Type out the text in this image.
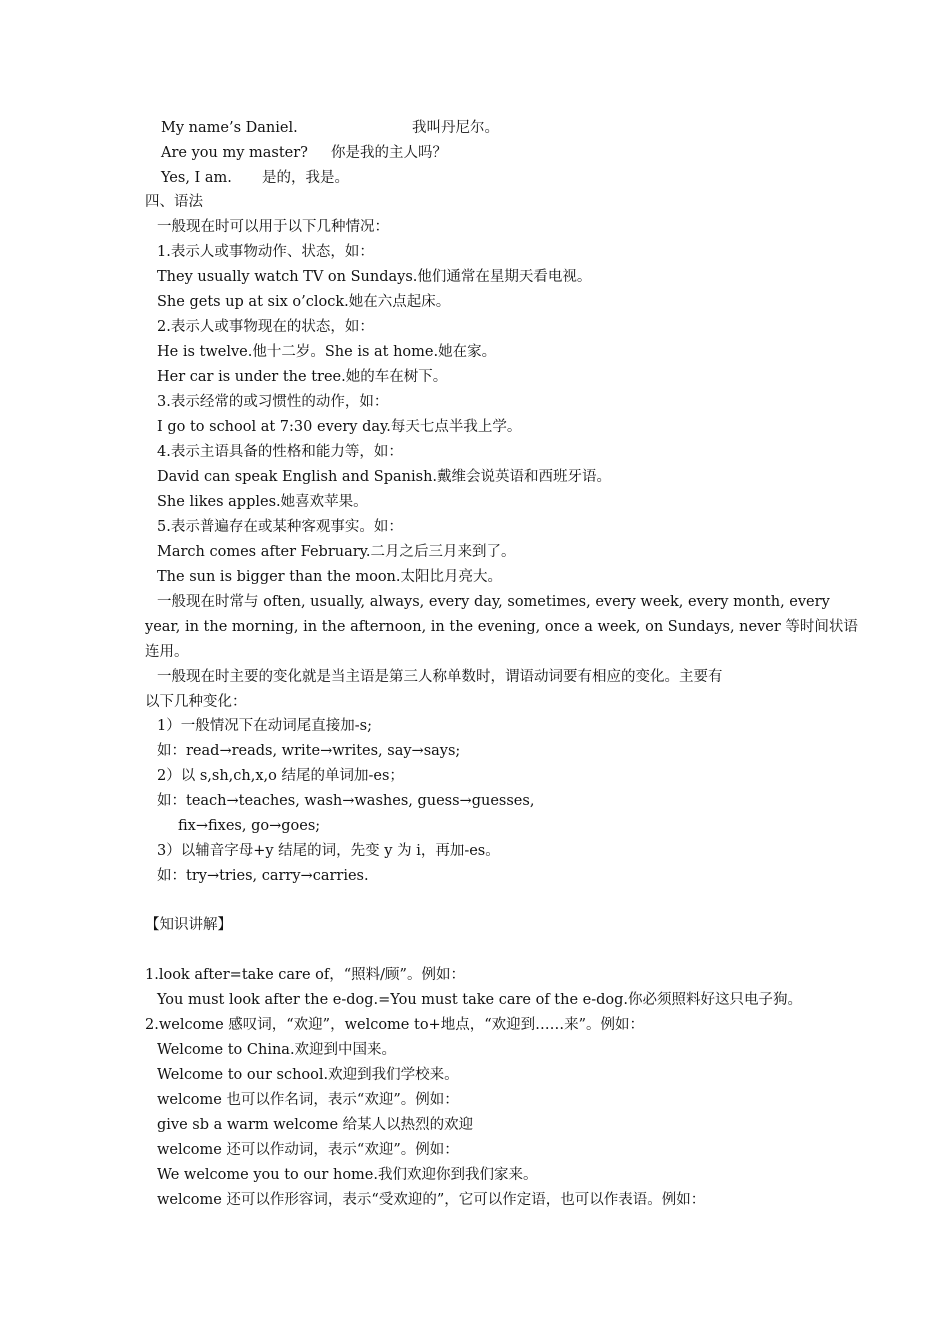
My name’s Daniel.	我叫丹尼尔。
Are you my master? 你是我的主人吗？
Yes, I am. 是的，我是。
四、语法
一般现在时可以用于以下几种情况：
1.表示人或事物动作、状态，如：
They usually watch TV on Sundays.他们通常在星期天看电视。
She gets up at six o’clock.她在六点起床。
2.表示人或事物现在的状态，如：
He is twelve.他十二岁。She is at home.她在家。
Her car is under the tree.她的车在树下。
3.表示经常的或习惯性的动作，如：
I go to school at 7:30 every day.每天七点半我上学。
4.表示主语具备的性格和能力等，如：
David can speak English and Spanish.戴维会说英语和西班牙语。
She likes apples.她喜欢苹果。
5.表示普遍存在或某种客观事实。如：
March comes after February.二月之后三月来到了。
The sun is bigger than the moon.太阳比月亮大。
一般现在时常与 often, usually, always, every day, sometimes, every week, every month, every
year, in the morning, in the afternoon, in the evening, once a week, on Sundays, never 等时间状语
连用。
一般现在时主要的变化就是当主语是第三人称单数时，谓语动词要有相应的变化。主要有
以下几种变化：
1）一般情况下在动词尾直接加-s;
如：read→reads, write→writes, say→says;
2）以 s,sh,ch,x,o 结尾的单词加-es；
如：teach→teaches, wash→washes, guess→guesses,
fix→fixes, go→goes;
3）以辅音字母+y 结尾的词，先变 y 为 i，再加-es。
如：try→tries, carry→carries.
【知识讲解】
1.look after=take care of，“照料/顾”。例如：
You must look after the e-dog.=You must take care of the e-dog.你必须照料好这只电子狗。
2.welcome 感叹词，“欢迎”，welcome to+地点，“欢迎到……来”。例如：
Welcome to China.欢迎到中国来。
Welcome to our school.欢迎到我们学校来。
welcome 也可以作名词，表示“欢迎”。例如：
give sb a warm welcome 给某人以热烈的欢迎
welcome 还可以作动词，表示“欢迎”。例如：
We welcome you to our home.我们欢迎你到我们家来。
welcome 还可以作形容词，表示“受欢迎的”，它可以作定语，也可以作表语。例如：
